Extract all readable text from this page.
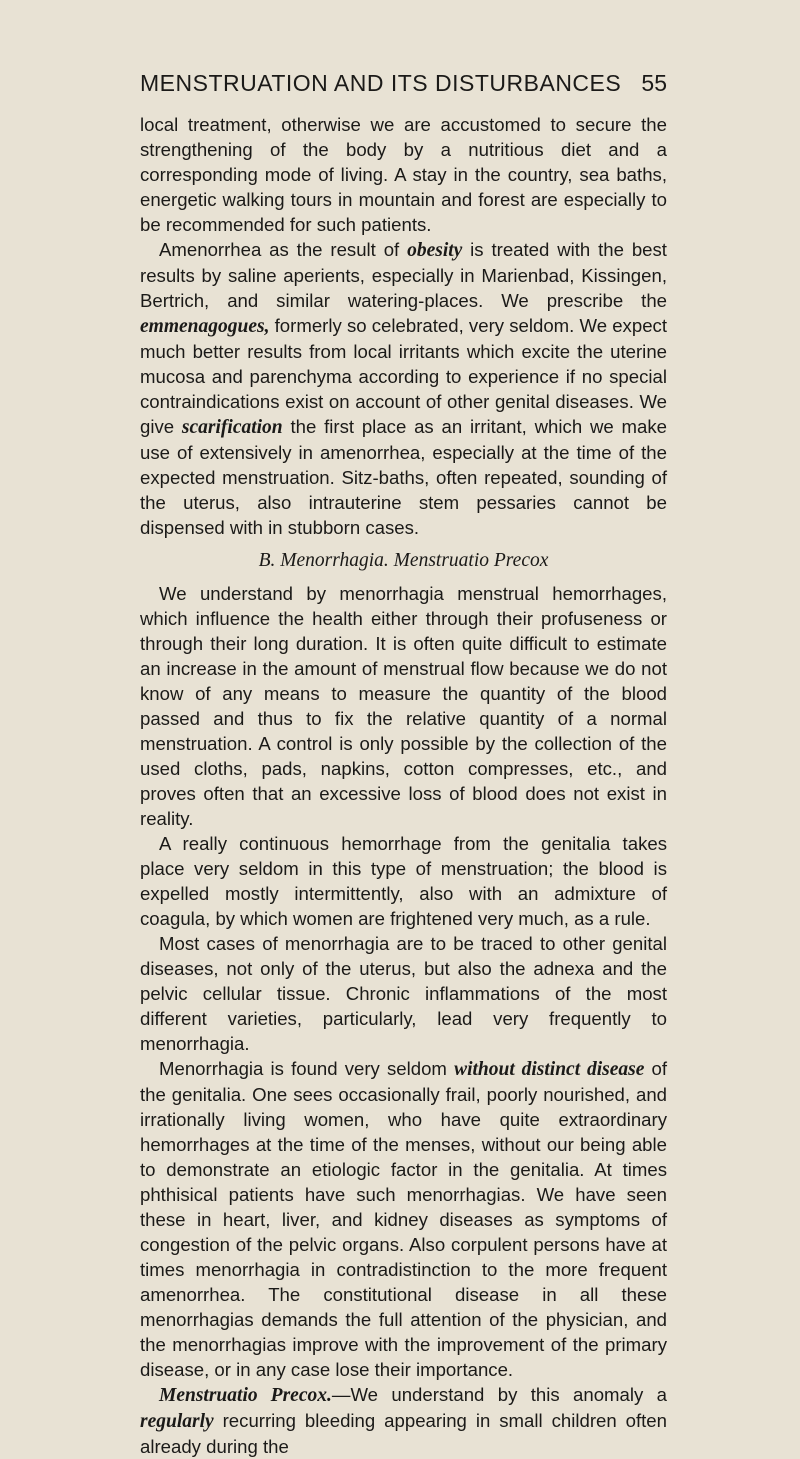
MENSTRUATION AND ITS DISTURBANCES 55

local treatment, otherwise we are accustomed to secure the strengthening of the body by a nutritious diet and a corresponding mode of living. A stay in the country, sea baths, energetic walking tours in mountain and forest are especially to be recommended for such patients.

Amenorrhea as the result of obesity is treated with the best results by saline aperients, especially in Marienbad, Kissingen, Bertrich, and similar watering-places. We prescribe the emmenagogues, formerly so celebrated, very seldom. We expect much better results from local irritants which excite the uterine mucosa and parenchyma according to experience if no special contraindications exist on account of other genital diseases. We give scarification the first place as an irritant, which we make use of extensively in amenorrhea, especially at the time of the expected menstruation. Sitz-baths, often repeated, sounding of the uterus, also intrauterine stem pessaries cannot be dispensed with in stubborn cases.

B. Menorrhagia. Menstruatio Precox

We understand by menorrhagia menstrual hemorrhages, which influence the health either through their profuseness or through their long duration. It is often quite difficult to estimate an increase in the amount of menstrual flow because we do not know of any means to measure the quantity of the blood passed and thus to fix the relative quantity of a normal menstruation. A control is only possible by the collection of the used cloths, pads, napkins, cotton compresses, etc., and proves often that an excessive loss of blood does not exist in reality.

A really continuous hemorrhage from the genitalia takes place very seldom in this type of menstruation; the blood is expelled mostly intermittently, also with an admixture of coagula, by which women are frightened very much, as a rule.

Most cases of menorrhagia are to be traced to other genital diseases, not only of the uterus, but also the adnexa and the pelvic cellular tissue. Chronic inflammations of the most different varieties, particularly, lead very frequently to menorrhagia.

Menorrhagia is found very seldom without distinct disease of the genitalia. One sees occasionally frail, poorly nourished, and irrationally living women, who have quite extraordinary hemorrhages at the time of the menses, without our being able to demonstrate an etiologic factor in the genitalia. At times phthisical patients have such menorrhagias. We have seen these in heart, liver, and kidney diseases as symptoms of congestion of the pelvic organs. Also corpulent persons have at times menorrhagia in contradistinction to the more frequent amenorrhea. The constitutional disease in all these menorrhagias demands the full attention of the physician, and the menorrhagias improve with the improvement of the primary disease, or in any case lose their importance.

Menstruatio Precox.—We understand by this anomaly a regularly recurring bleeding appearing in small children often already during the
